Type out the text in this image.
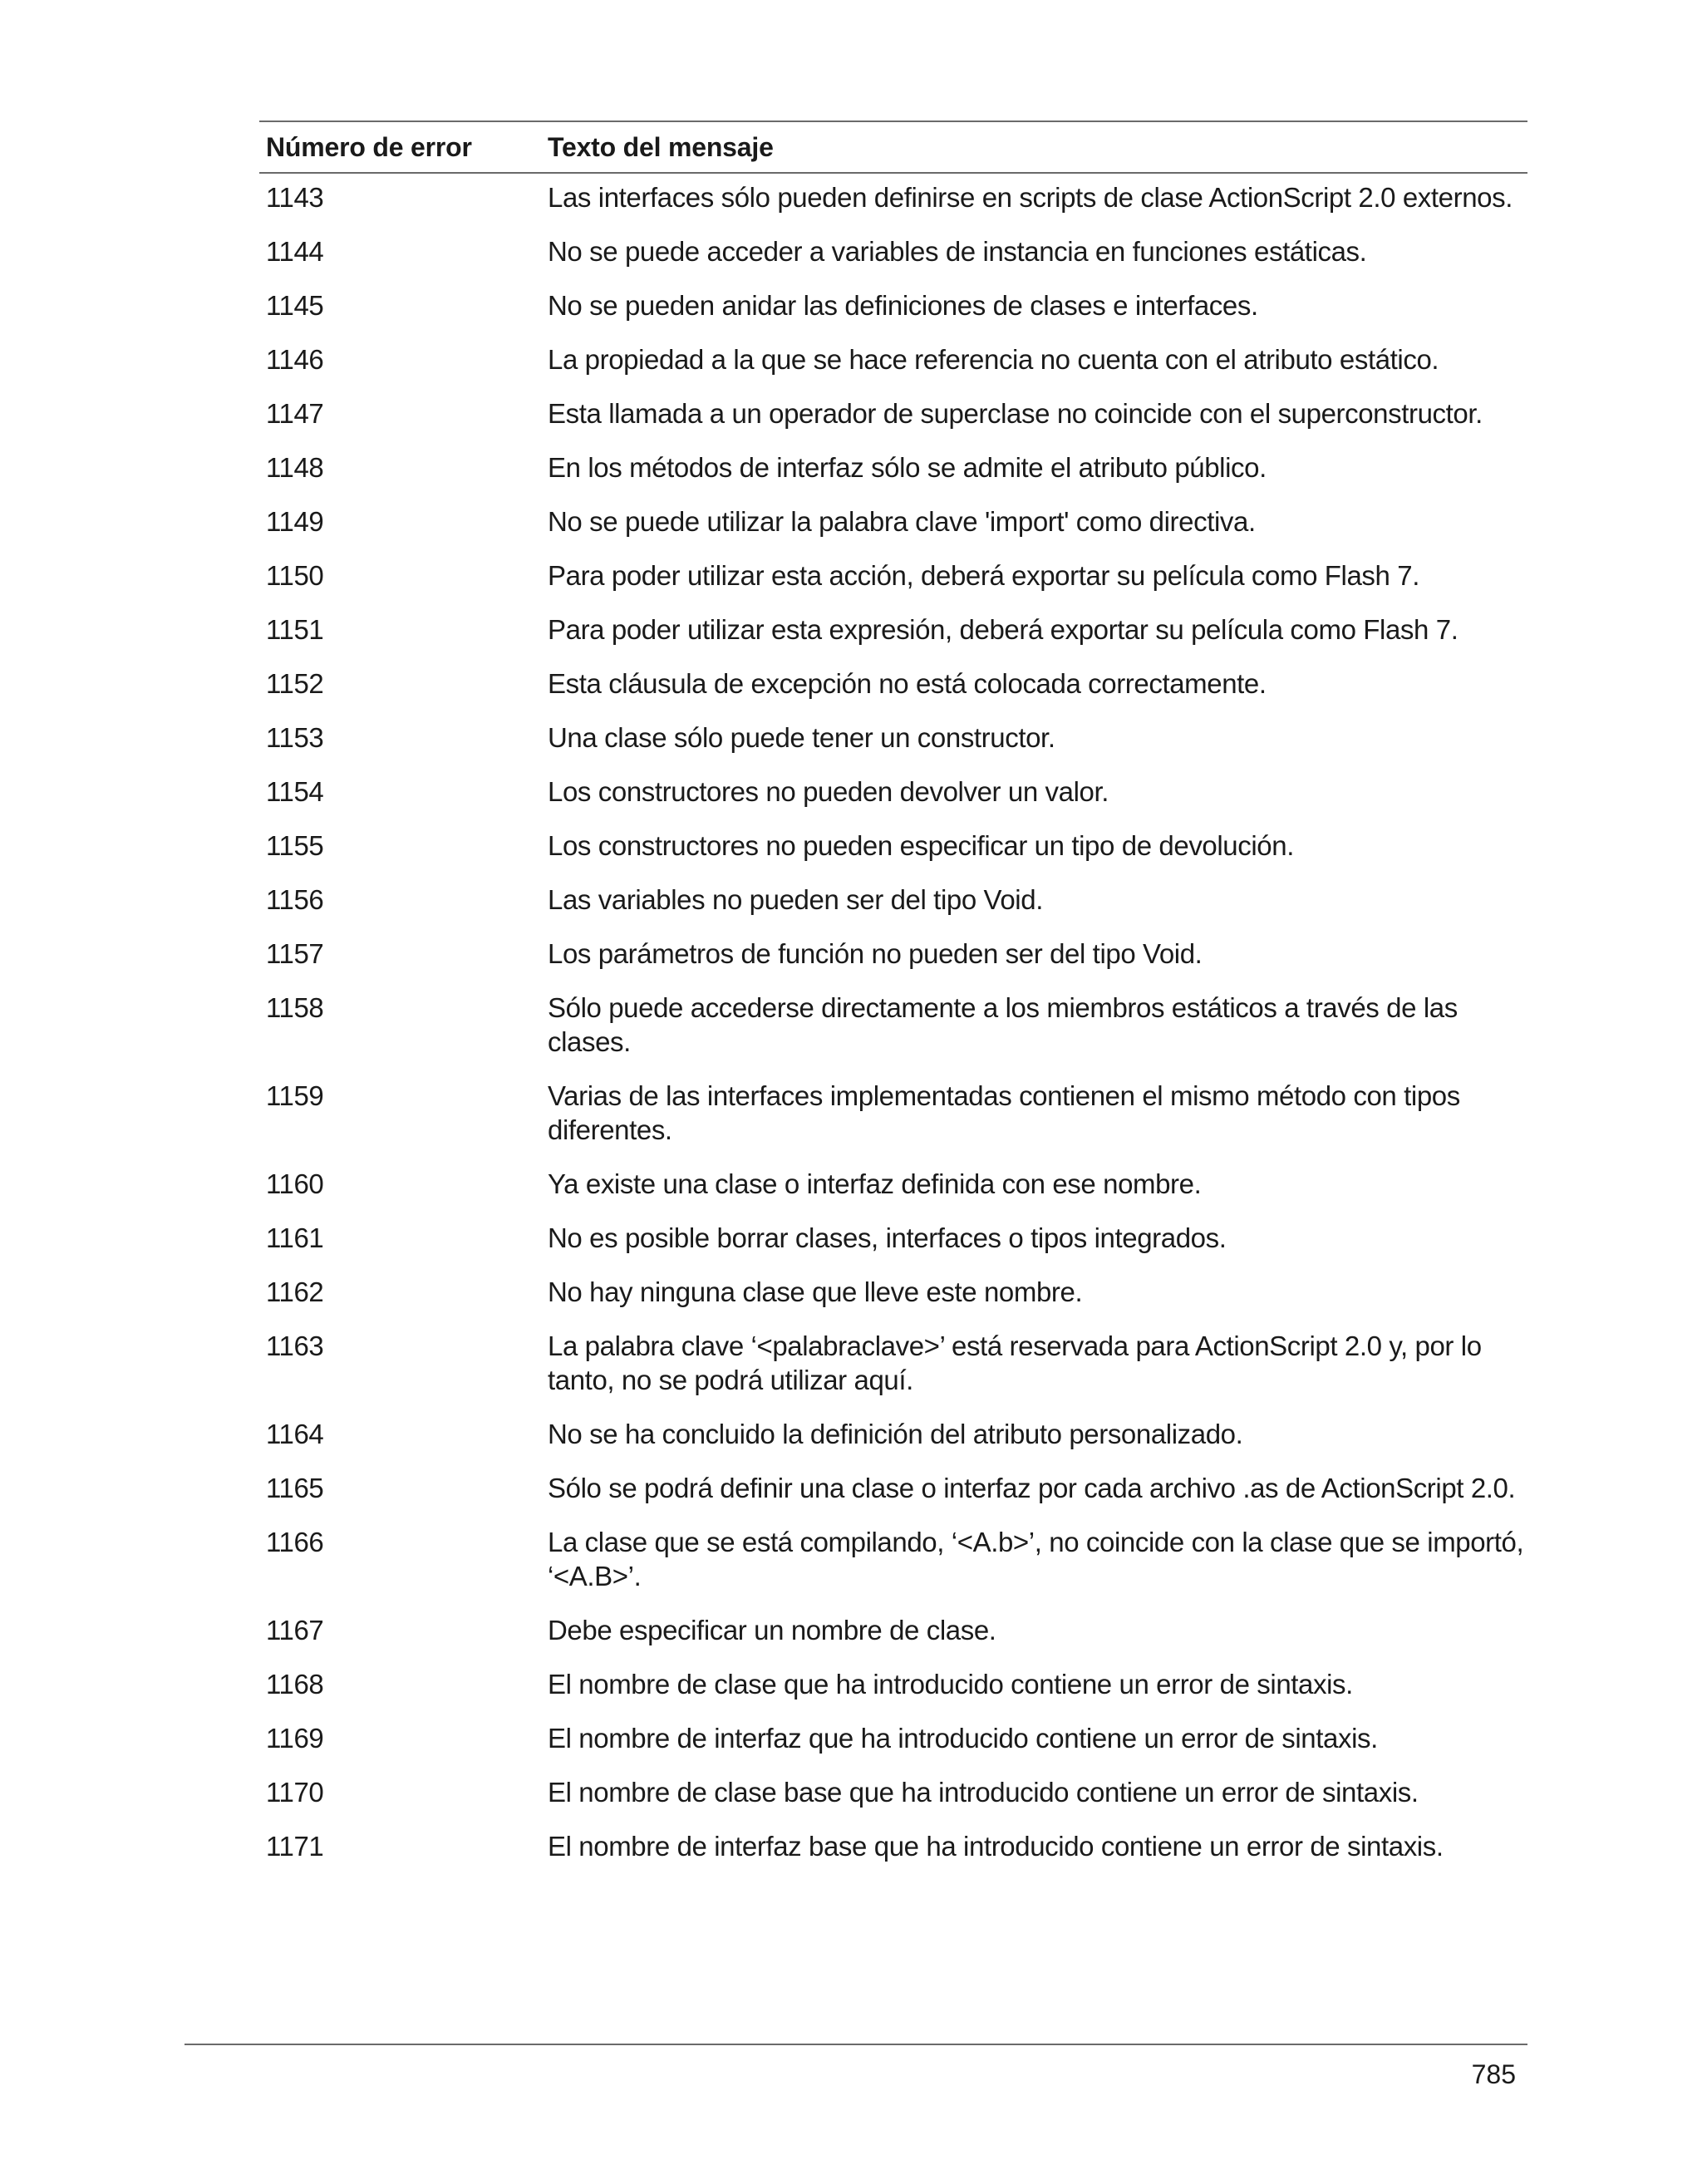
Número de error	Texto del mensaje
1143	Las interfaces sólo pueden definirse en scripts de clase ActionScript 2.0 externos.
1144	No se puede acceder a variables de instancia en funciones estáticas.
1145	No se pueden anidar las definiciones de clases e interfaces.
1146	La propiedad a la que se hace referencia no cuenta con el atributo estático.
1147	Esta llamada a un operador de superclase no coincide con el superconstructor.
1148	En los métodos de interfaz sólo se admite el atributo público.
1149	No se puede utilizar la palabra clave 'import' como directiva.
1150	Para poder utilizar esta acción, deberá exportar su película como Flash 7.
1151	Para poder utilizar esta expresión, deberá exportar su película como Flash 7.
1152	Esta cláusula de excepción no está colocada correctamente.
1153	Una clase sólo puede tener un constructor.
1154	Los constructores no pueden devolver un valor.
1155	Los constructores no pueden especificar un tipo de devolución.
1156	Las variables no pueden ser del tipo Void.
1157	Los parámetros de función no pueden ser del tipo Void.
1158	Sólo puede accederse directamente a los miembros estáticos a través de las clases.
1159	Varias de las interfaces implementadas contienen el mismo método con tipos diferentes.
1160	Ya existe una clase o interfaz definida con ese nombre.
1161	No es posible borrar clases, interfaces o tipos integrados.
1162	No hay ninguna clase que lleve este nombre.
1163	La palabra clave ‘<palabraclave>’ está reservada para ActionScript 2.0 y, por lo tanto, no se podrá utilizar aquí.
1164	No se ha concluido la definición del atributo personalizado.
1165	Sólo se podrá definir una clase o interfaz por cada archivo .as de ActionScript 2.0.
1166	La clase que se está compilando, ‘<A.b>’, no coincide con la clase que se importó, ‘<A.B>’.
1167	Debe especificar un nombre de clase.
1168	El nombre de clase que ha introducido contiene un error de sintaxis.
1169	El nombre de interfaz que ha introducido contiene un error de sintaxis.
1170	El nombre de clase base que ha introducido contiene un error de sintaxis.
1171	El nombre de interfaz base que ha introducido contiene un error de sintaxis.
785
